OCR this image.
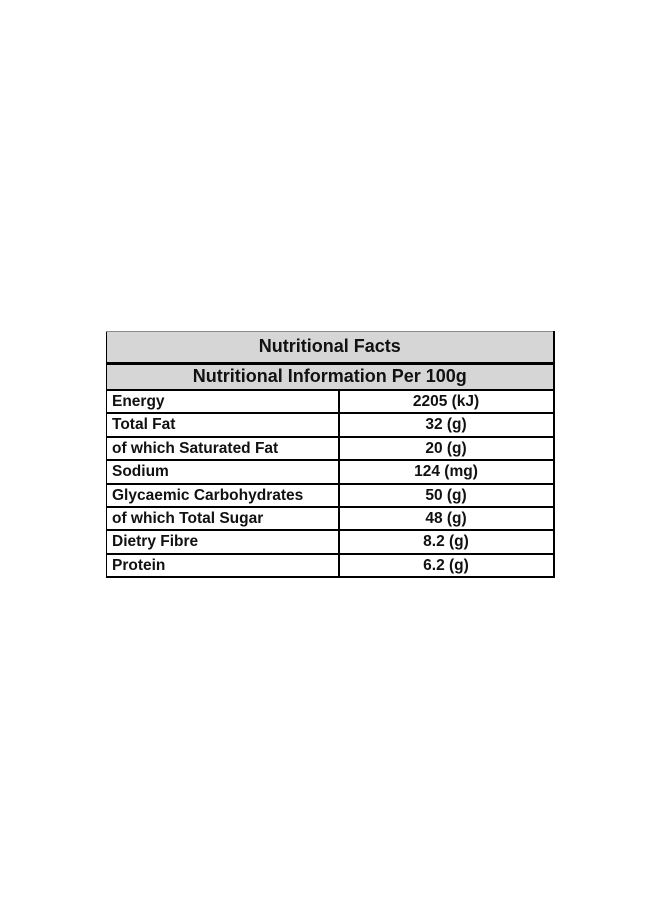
Nutritional Facts	
Nutritional Information Per 100g	
Energy	2205 (kJ)
Total Fat	32 (g)
of which Saturated Fat	20 (g)
Sodium	124 (mg)
Glycaemic Carbohydrates	50 (g)
of which Total Sugar	48 (g)
Dietry Fibre	8.2 (g)
Protein	6.2 (g)
